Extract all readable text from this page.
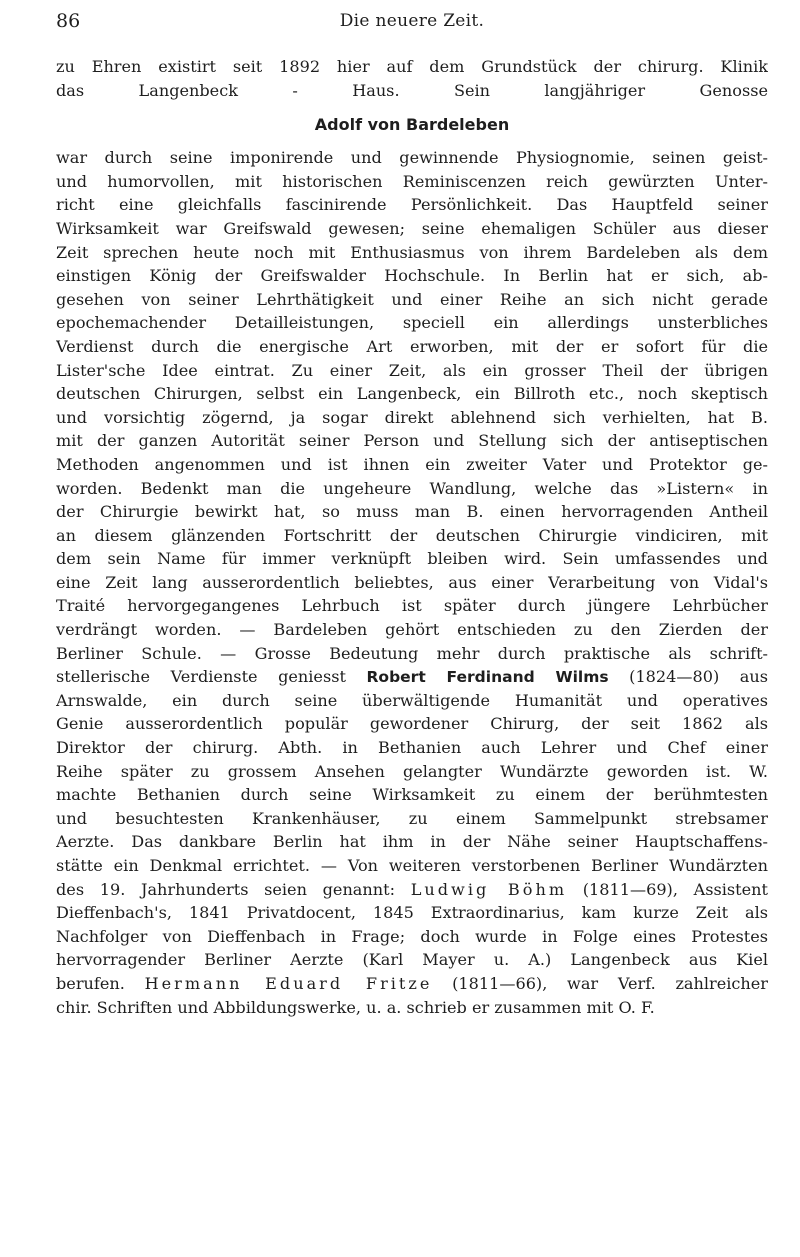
86	Die neuere Zeit.
zu Ehren existirt seit 1892 hier auf dem Grundstück der chirurg. Klinik
das Langenbeck - Haus. Sein langjähriger Genosse
Adolf von Bardeleben
war durch seine imponirende und gewinnende Physiognomie, seinen geist-
und humorvollen, mit historischen Reminiscenzen reich gewürzten Unter-
richt eine gleichfalls fascinirende Persönlichkeit. Das Hauptfeld seiner
Wirksamkeit war Greifswald gewesen; seine ehemaligen Schüler aus dieser
Zeit sprechen heute noch mit Enthusiasmus von ihrem Bardeleben als dem
einstigen König der Greifswalder Hochschule. In Berlin hat er sich, ab-
gesehen von seiner Lehrthätigkeit und einer Reihe an sich nicht gerade
epochemachender Detailleistungen, speciell ein allerdings unsterbliches
Verdienst durch die energische Art erworben, mit der er sofort für die
Lister'sche Idee eintrat. Zu einer Zeit, als ein grosser Theil der übrigen
deutschen Chirurgen, selbst ein Langenbeck, ein Billroth etc., noch skeptisch
und vorsichtig zögernd, ja sogar direkt ablehnend sich verhielten, hat B.
mit der ganzen Autorität seiner Person und Stellung sich der antiseptischen
Methoden angenommen und ist ihnen ein zweiter Vater und Protektor ge-
worden. Bedenkt man die ungeheure Wandlung, welche das »Listern« in
der Chirurgie bewirkt hat, so muss man B. einen hervorragenden Antheil
an diesem glänzenden Fortschritt der deutschen Chirurgie vindiciren, mit
dem sein Name für immer verknüpft bleiben wird. Sein umfassendes und
eine Zeit lang ausserordentlich beliebtes, aus einer Verarbeitung von Vidal's
Traité hervorgegangenes Lehrbuch ist später durch jüngere Lehrbücher
verdrängt worden. — Bardeleben gehört entschieden zu den Zierden der
Berliner Schule. — Grosse Bedeutung mehr durch praktische als schrift-
stellerische Verdienste geniesst Robert Ferdinand Wilms (1824—80) aus
Arnswalde, ein durch seine überwältigende Humanität und operatives
Genie ausserordentlich populär gewordener Chirurg, der seit 1862 als
Direktor der chirurg. Abth. in Bethanien auch Lehrer und Chef einer
Reihe später zu grossem Ansehen gelangter Wundärzte geworden ist. W.
machte Bethanien durch seine Wirksamkeit zu einem der berühmtesten
und besuchtesten Krankenhäuser, zu einem Sammelpunkt strebsamer
Aerzte. Das dankbare Berlin hat ihm in der Nähe seiner Hauptschaffens-
stätte ein Denkmal errichtet. — Von weiteren verstorbenen Berliner Wundärzten
des 19. Jahrhunderts seien genannt: Ludwig Böhm (1811—69), Assistent
Dieffenbach's, 1841 Privatdocent, 1845 Extraordinarius, kam kurze Zeit als
Nachfolger von Dieffenbach in Frage; doch wurde in Folge eines Protestes
hervorragender Berliner Aerzte (Karl Mayer u. A.) Langenbeck aus Kiel
berufen. Hermann Eduard Fritze (1811—66), war Verf. zahlreicher
chir. Schriften und Abbildungswerke, u. a. schrieb er zusammen mit O. F.
